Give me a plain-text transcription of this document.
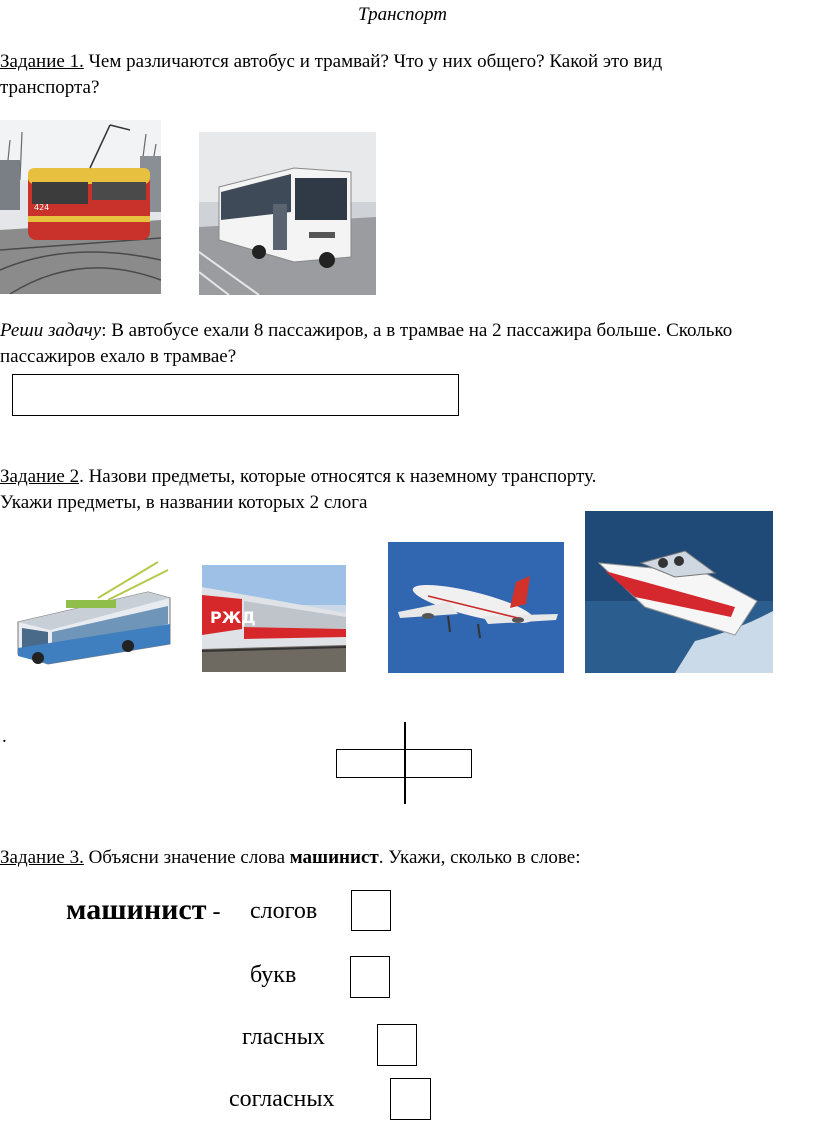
Транспорт
Задание 1. Чем различаются автобус и трамвай? Что у них общего? Какой это вид
транспорта?
424
Реши задачу: В автобусе ехали 8 пассажиров, а в трамвае на 2 пассажира больше. Сколько
пассажиров ехало в трамвае?
Задание 2. Назови предметы, которые относятся к наземному транспорту.
Укажи предметы, в названии которых 2 слога
РЖД
.
Задание 3. Объясни значение слова машинист. Укажи, сколько в слове:
машинист - слогов
букв
гласных
согласных
